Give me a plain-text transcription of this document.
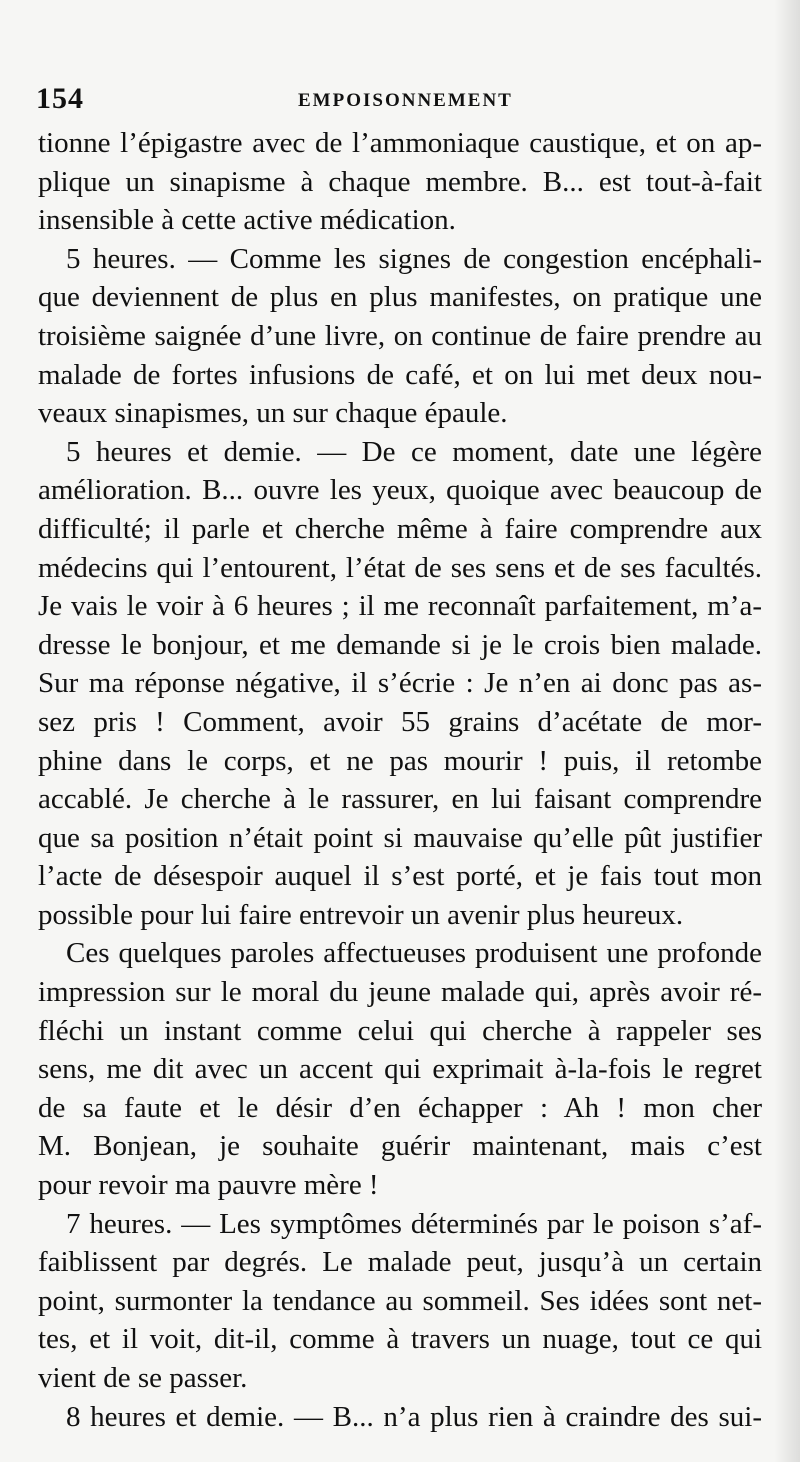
154	EMPOISONNEMENT
tionne l’épigastre avec de l’ammoniaque caustique, et on ap-
plique un sinapisme à chaque membre. B... est tout-à-fait
insensible à cette active médication.
5 heures. — Comme les signes de congestion encéphali-
que deviennent de plus en plus manifestes, on pratique une
troisième saignée d’une livre, on continue de faire prendre au
malade de fortes infusions de café, et on lui met deux nou-
veaux sinapismes, un sur chaque épaule.
5 heures et demie. — De ce moment, date une légère
amélioration. B... ouvre les yeux, quoique avec beaucoup de
difficulté; il parle et cherche même à faire comprendre aux
médecins qui l’entourent, l’état de ses sens et de ses facultés.
Je vais le voir à 6 heures ; il me reconnaît parfaitement, m’a-
dresse le bonjour, et me demande si je le crois bien malade.
Sur ma réponse négative, il s’écrie : Je n’en ai donc pas as-
sez pris ! Comment, avoir 55 grains d’acétate de mor-
phine dans le corps, et ne pas mourir ! puis, il retombe
accablé. Je cherche à le rassurer, en lui faisant comprendre
que sa position n’était point si mauvaise qu’elle pût justifier
l’acte de désespoir auquel il s’est porté, et je fais tout mon
possible pour lui faire entrevoir un avenir plus heureux.
Ces quelques paroles affectueuses produisent une profonde
impression sur le moral du jeune malade qui, après avoir ré-
fléchi un instant comme celui qui cherche à rappeler ses
sens, me dit avec un accent qui exprimait à-la-fois le regret
de sa faute et le désir d’en échapper : Ah ! mon cher
M. Bonjean, je souhaite guérir maintenant, mais c’est
pour revoir ma pauvre mère !
7 heures. — Les symptômes déterminés par le poison s’af-
faiblissent par degrés. Le malade peut, jusqu’à un certain
point, surmonter la tendance au sommeil. Ses idées sont net-
tes, et il voit, dit-il, comme à travers un nuage, tout ce qui
vient de se passer.
8 heures et demie. — B... n’a plus rien à craindre des sui-
